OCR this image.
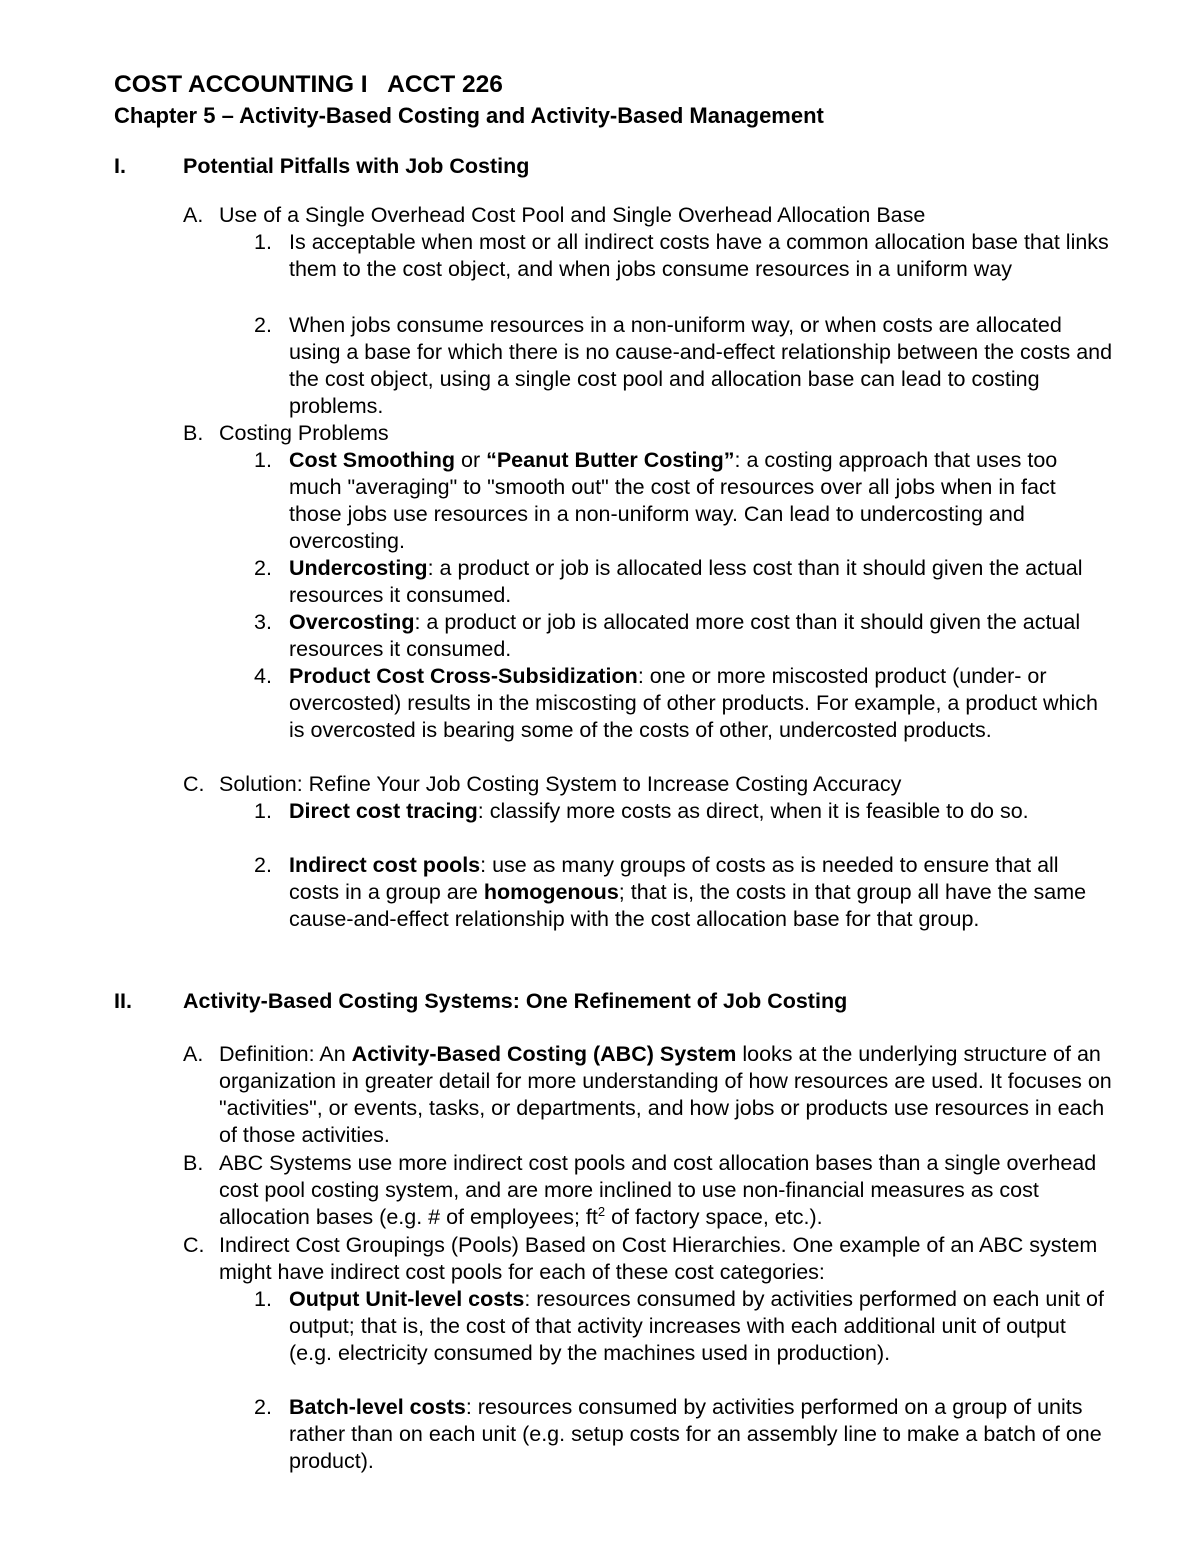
COST ACCOUNTING I   ACCT 226
Chapter 5 – Activity-Based Costing and Activity-Based Management
I.	Potential Pitfalls with Job Costing
A. Use of a Single Overhead Cost Pool and Single Overhead Allocation Base
1. Is acceptable when most or all indirect costs have a common allocation base that links them to the cost object, and when jobs consume resources in a uniform way
2. When jobs consume resources in a non-uniform way, or when costs are allocated using a base for which there is no cause-and-effect relationship between the costs and the cost object, using a single cost pool and allocation base can lead to costing problems.
B. Costing Problems
1. Cost Smoothing or “Peanut Butter Costing”: a costing approach that uses too much "averaging" to "smooth out" the cost of resources over all jobs when in fact those jobs use resources in a non-uniform way. Can lead to undercosting and overcosting.
2. Undercosting: a product or job is allocated less cost than it should given the actual resources it consumed.
3. Overcosting: a product or job is allocated more cost than it should given the actual resources it consumed.
4. Product Cost Cross-Subsidization: one or more miscosted product (under- or overcosted) results in the miscosting of other products. For example, a product which is overcosted is bearing some of the costs of other, undercosted products.
C. Solution: Refine Your Job Costing System to Increase Costing Accuracy
1. Direct cost tracing: classify more costs as direct, when it is feasible to do so.
2. Indirect cost pools: use as many groups of costs as is needed to ensure that all costs in a group are homogenous; that is, the costs in that group all have the same cause-and-effect relationship with the cost allocation base for that group.
II. Activity-Based Costing Systems: One Refinement of Job Costing
A. Definition: An Activity-Based Costing (ABC) System looks at the underlying structure of an organization in greater detail for more understanding of how resources are used. It focuses on "activities", or events, tasks, or departments, and how jobs or products use resources in each of those activities.
B. ABC Systems use more indirect cost pools and cost allocation bases than a single overhead cost pool costing system, and are more inclined to use non-financial measures as cost allocation bases (e.g. # of employees; $ft^2$ of factory space, etc.).
C. Indirect Cost Groupings (Pools) Based on Cost Hierarchies. One example of an ABC system might have indirect cost pools for each of these cost categories:
1. Output Unit-level costs: resources consumed by activities performed on each unit of output; that is, the cost of that activity increases with each additional unit of output (e.g. electricity consumed by the machines used in production).
2. Batch-level costs: resources consumed by activities performed on a group of units rather than on each unit (e.g. setup costs for an assembly line to make a batch of one product).
